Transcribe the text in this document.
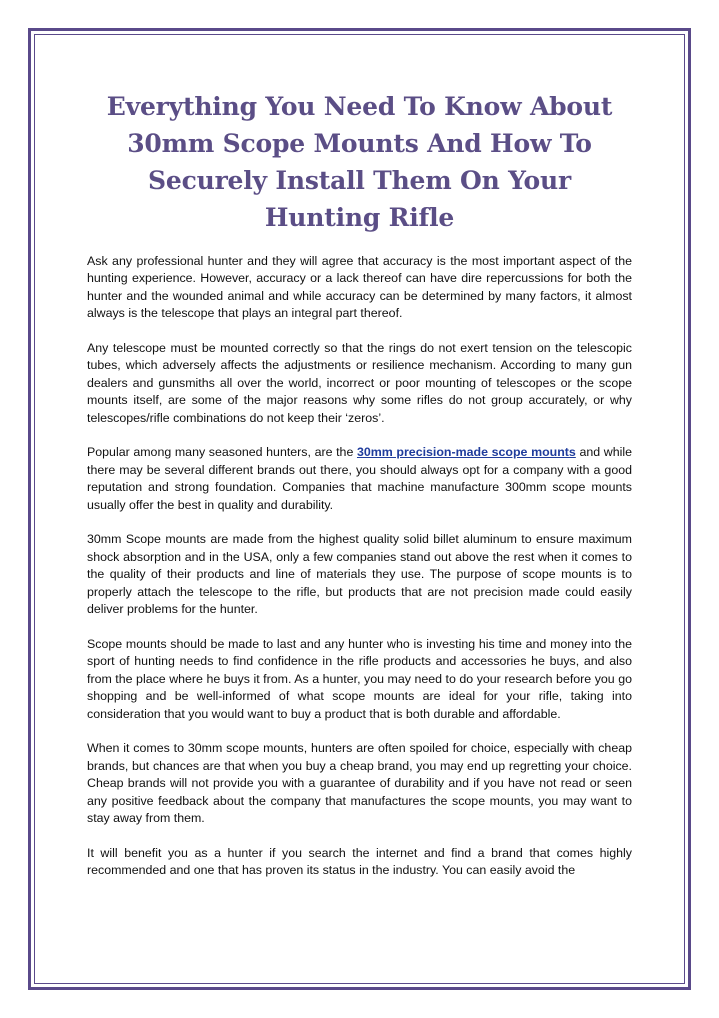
Everything You Need To Know About 30mm Scope Mounts And How To Securely Install Them On Your Hunting Rifle

Ask any professional hunter and they will agree that accuracy is the most important aspect of the hunting experience. However, accuracy or a lack thereof can have dire repercussions for both the hunter and the wounded animal and while accuracy can be determined by many factors, it almost always is the telescope that plays an integral part thereof.

Any telescope must be mounted correctly so that the rings do not exert tension on the telescopic tubes, which adversely affects the adjustments or resilience mechanism. According to many gun dealers and gunsmiths all over the world, incorrect or poor mounting of telescopes or the scope mounts itself, are some of the major reasons why some rifles do not group accurately, or why telescopes/rifle combinations do not keep their ‘zeros’.

Popular among many seasoned hunters, are the 30mm precision-made scope mounts and while there may be several different brands out there, you should always opt for a company with a good reputation and strong foundation. Companies that machine manufacture 300mm scope mounts usually offer the best in quality and durability.

30mm Scope mounts are made from the highest quality solid billet aluminum to ensure maximum shock absorption and in the USA, only a few companies stand out above the rest when it comes to the quality of their products and line of materials they use. The purpose of scope mounts is to properly attach the telescope to the rifle, but products that are not precision made could easily deliver problems for the hunter.

Scope mounts should be made to last and any hunter who is investing his time and money into the sport of hunting needs to find confidence in the rifle products and accessories he buys, and also from the place where he buys it from. As a hunter, you may need to do your research before you go shopping and be well-informed of what scope mounts are ideal for your rifle, taking into consideration that you would want to buy a product that is both durable and affordable.

When it comes to 30mm scope mounts, hunters are often spoiled for choice, especially with cheap brands, but chances are that when you buy a cheap brand, you may end up regretting your choice. Cheap brands will not provide you with a guarantee of durability and if you have not read or seen any positive feedback about the company that manufactures the scope mounts, you may want to stay away from them.

It will benefit you as a hunter if you search the internet and find a brand that comes highly recommended and one that has proven its status in the industry. You can easily avoid the
